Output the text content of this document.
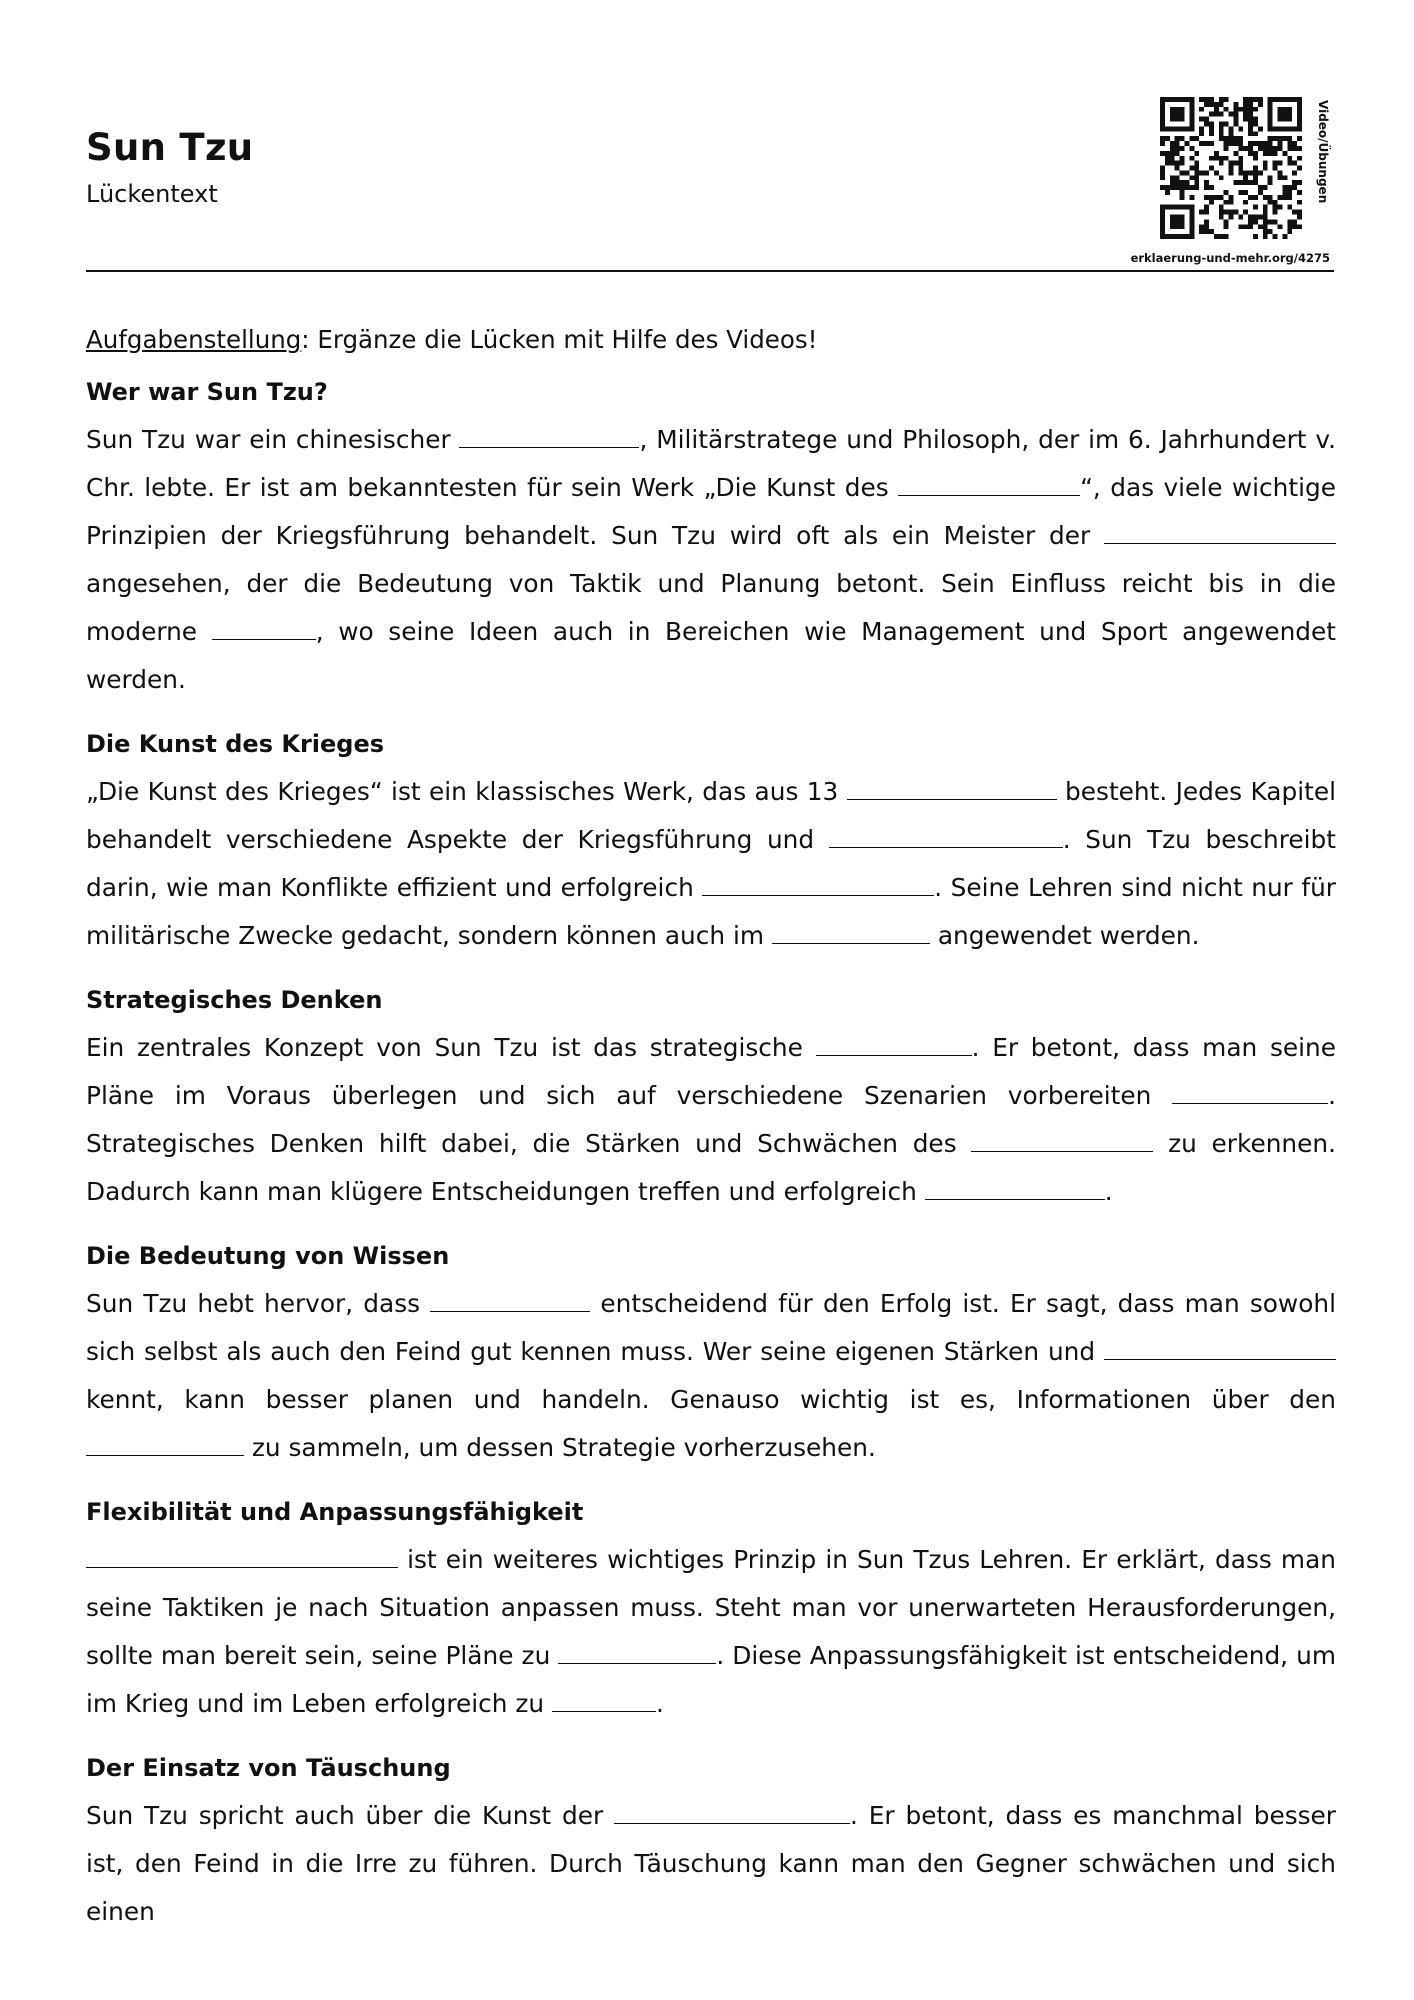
Sun Tzu
Lückentext	Video/Übungen
erklaerung-und-mehr.org/4275

Aufgabenstellung: Ergänze die Lücken mit Hilfe des Videos!

Wer war Sun Tzu?

Sun Tzu war ein chinesischer	, Militärstratege und Philosoph, der im 6. Jahrhundert v. Chr. lebte. Er ist am bekanntesten für sein Werk „Die Kunst des	“, das viele wichtige Prinzipien der Kriegsführung behandelt. Sun Tzu wird oft als ein Meister der  angesehen, der die Bedeutung von Taktik und Planung betont. Sein Einfluss reicht bis in die moderne	, wo seine Ideen auch in Bereichen wie Management und Sport angewendet werden.

Die Kunst des Krieges

„Die Kunst des Krieges“ ist ein klassisches Werk, das aus 13	besteht. Jedes Kapitel behandelt verschiedene Aspekte der Kriegsführung und	. Sun Tzu beschreibt darin, wie man Konflikte effizient und erfolgreich	. Seine Lehren sind nicht nur für militärische Zwecke gedacht, sondern können auch im	angewendet werden.

Strategisches Denken

Ein zentrales Konzept von Sun Tzu ist das strategische	. Er betont, dass man seine Pläne im Voraus überlegen und sich auf verschiedene Szenarien vorbereiten	. Strategisches Denken hilft dabei, die Stärken und Schwächen des	zu erkennen. Dadurch kann man klügere Entscheidungen treffen und erfolgreich	.

Die Bedeutung von Wissen

Sun Tzu hebt hervor, dass	entscheidend für den Erfolg ist. Er sagt, dass man sowohl sich selbst als auch den Feind gut kennen muss. Wer seine eigenen Stärken und  kennt, kann besser planen und handeln. Genauso wichtig ist es, Informationen über den  zu sammeln, um dessen Strategie vorherzusehen.

Flexibilität und Anpassungsfähigkeit

ist ein weiteres wichtiges Prinzip in Sun Tzus Lehren. Er erklärt, dass man seine Taktiken je nach Situation anpassen muss. Steht man vor unerwarteten Herausforderungen, sollte man bereit sein, seine Pläne zu	. Diese Anpassungsfähigkeit ist entscheidend, um im Krieg und im Leben erfolgreich zu	.

Der Einsatz von Täuschung

Sun Tzu spricht auch über die Kunst der	. Er betont, dass es manchmal besser ist, den Feind in die Irre zu führen. Durch Täuschung kann man den Gegner schwächen und sich einen
